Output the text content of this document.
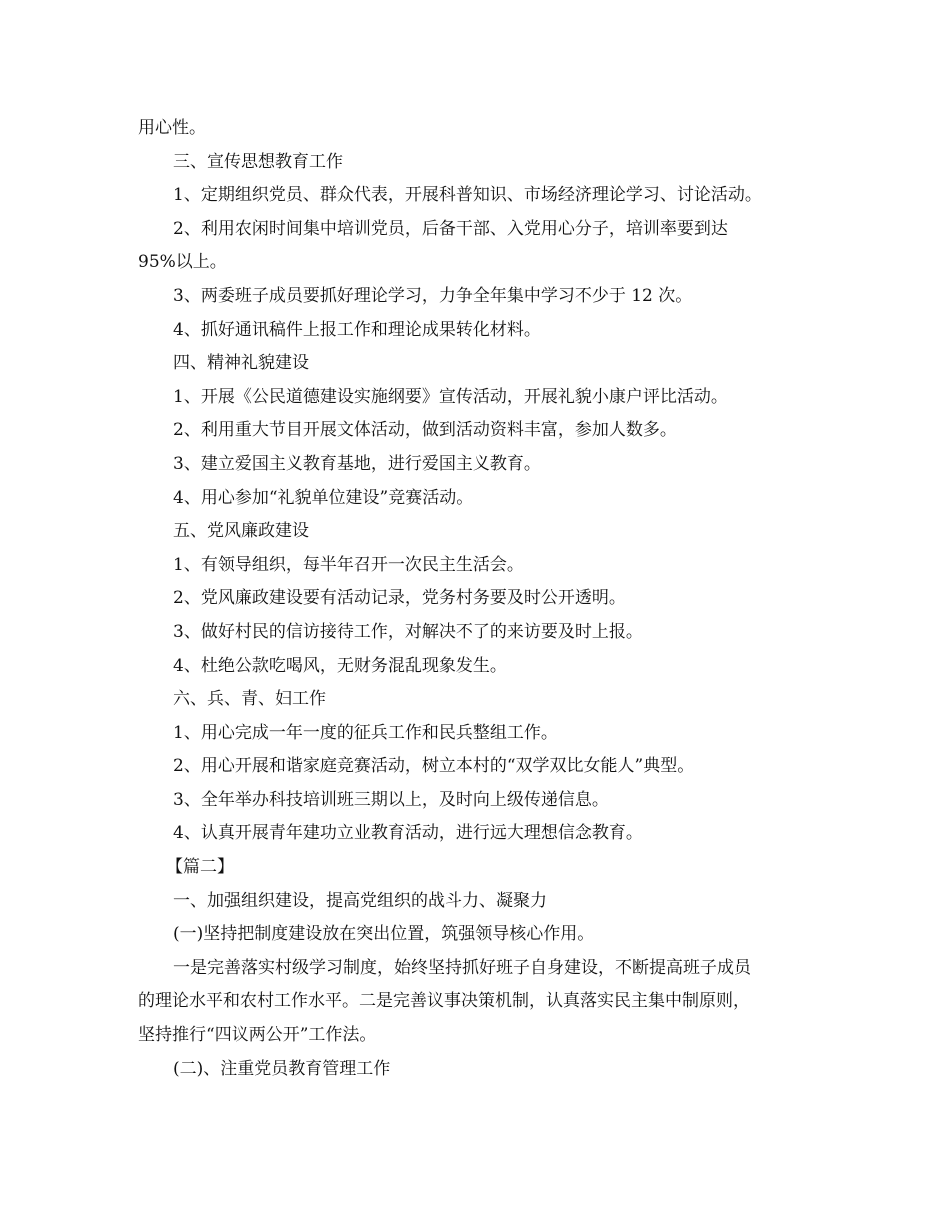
用心性。
三、宣传思想教育工作
1、定期组织党员、群众代表，开展科普知识、市场经济理论学习、讨论活动。
2、利用农闲时间集中培训党员，后备干部、入党用心分子，培训率要到达
95%以上。
3、两委班子成员要抓好理论学习，力争全年集中学习不少于 12 次。
4、抓好通讯稿件上报工作和理论成果转化材料。
四、精神礼貌建设
1、开展《公民道德建设实施纲要》宣传活动，开展礼貌小康户评比活动。
2、利用重大节目开展文体活动，做到活动资料丰富，参加人数多。
3、建立爱国主义教育基地，进行爱国主义教育。
4、用心参加“礼貌单位建设”竞赛活动。
五、党风廉政建设
1、有领导组织，每半年召开一次民主生活会。
2、党风廉政建设要有活动记录，党务村务要及时公开透明。
3、做好村民的信访接待工作，对解决不了的来访要及时上报。
4、杜绝公款吃喝风，无财务混乱现象发生。
六、兵、青、妇工作
1、用心完成一年一度的征兵工作和民兵整组工作。
2、用心开展和谐家庭竞赛活动，树立本村的“双学双比女能人”典型。
3、全年举办科技培训班三期以上，及时向上级传递信息。
4、认真开展青年建功立业教育活动，进行远大理想信念教育。
【篇二】
一、加强组织建设，提高党组织的战斗力、凝聚力
(一)坚持把制度建设放在突出位置，筑强领导核心作用。
一是完善落实村级学习制度，始终坚持抓好班子自身建设，不断提高班子成员
的理论水平和农村工作水平。二是完善议事决策机制，认真落实民主集中制原则，
坚持推行“四议两公开”工作法。
(二)、注重党员教育管理工作
